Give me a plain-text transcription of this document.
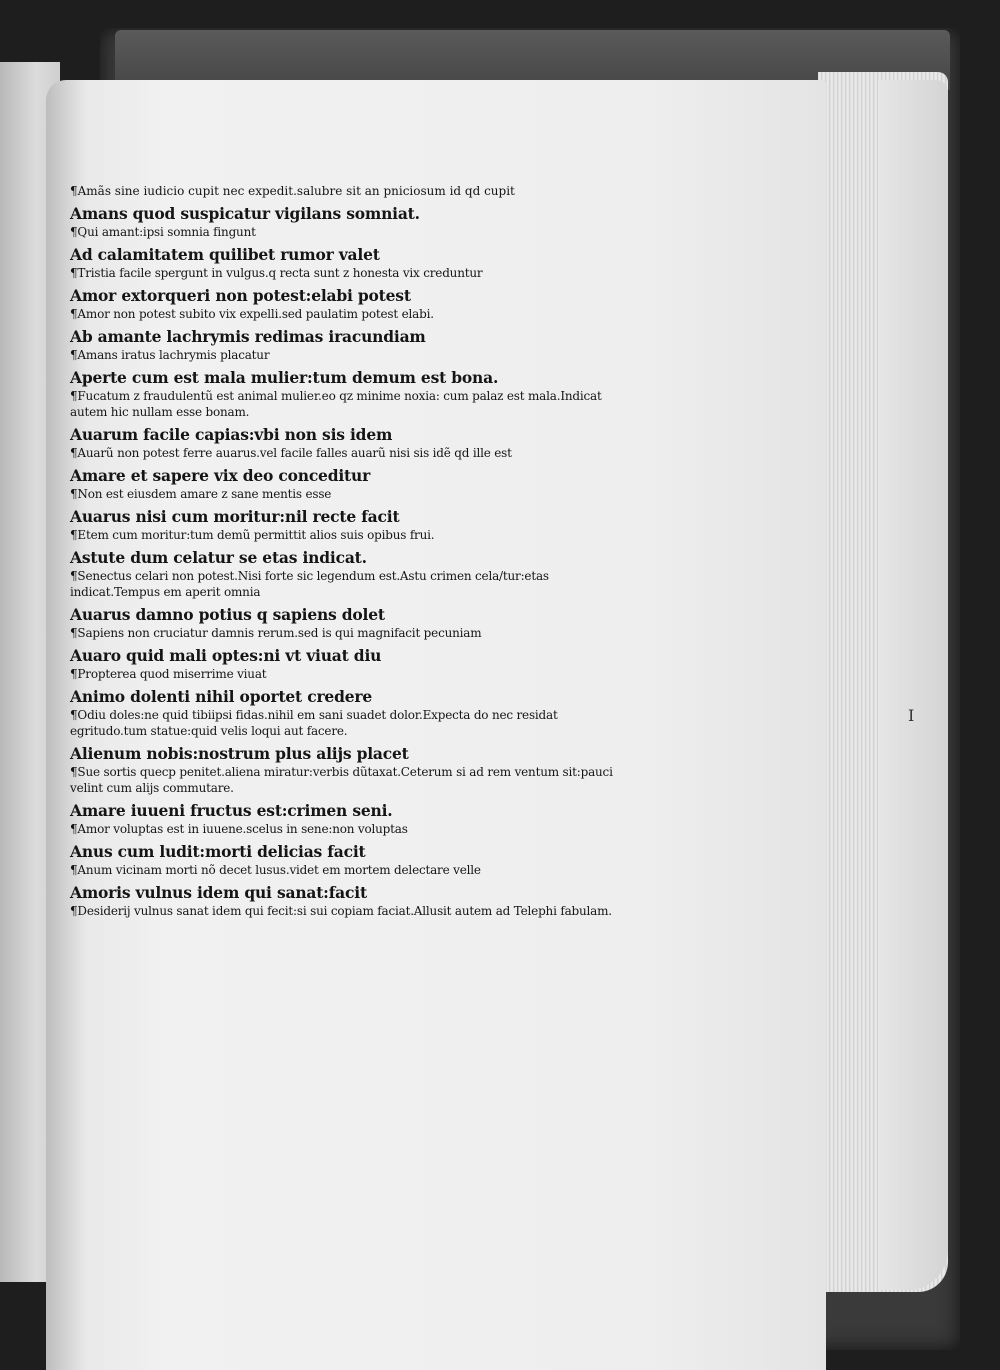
¶Amãs sine iudicio cupit nec expedit.salubre sit an pniciosum id qd cupit
Amans quod suspicatur vigilans somniat.
¶Qui amant:ipsi somnia fingunt
Ad calamitatem quilibet rumor valet
¶Tristia facile spergunt in vulgus.q recta sunt z honesta vix creduntur
Amor extorqueri non potest:elabi potest
¶Amor non potest subito vix expelli.sed paulatim potest elabi.
Ab amante lachrymis redimas iracundiam
¶Amans iratus lachrymis placatur
Aperte cum est mala mulier:tum demum est bona.
¶Fucatum z fraudulentũ est animal mulier.eo qz minime noxia: cum palaz est mala.Indicat autem hic nullam esse bonam.
Auarum facile capias:vbi non sis idem
¶Auarũ non potest ferre auarus.vel facile falles auarũ nisi sis idẽ qd ille est
Amare et sapere vix deo conceditur
¶Non est eiusdem amare z sane mentis esse
Auarus nisi cum moritur:nil recte facit
¶Etem cum moritur:tum demũ permittit alios suis opibus frui.
Astute dum celatur se etas indicat.
¶Senectus celari non potest.Nisi forte sic legendum est.Astu crimen cela/tur:etas indicat.Tempus em aperit omnia
Auarus damno potius q sapiens dolet
¶Sapiens non cruciatur damnis rerum.sed is qui magnifacit pecuniam
Auaro quid mali optes:ni vt viuat diu
¶Propterea quod miserrime viuat
Animo dolenti nihil oportet credere
¶Odiu doles:ne quid tibiipsi fidas.nihil em sani suadet dolor.Expecta do nec residat egritudo.tum statue:quid velis loqui aut facere.
Alienum nobis:nostrum plus alijs placet
¶Sue sortis quecp penitet.aliena miratur:verbis dũtaxat.Ceterum si ad rem ventum sit:pauci velint cum alijs commutare.
Amare iuueni fructus est:crimen seni.
¶Amor voluptas est in iuuene.scelus in sene:non voluptas
Anus cum ludit:morti delicias facit
¶Anum vicinam morti nõ decet lusus.videt em mortem delectare velle
Amoris vulnus idem qui sanat:facit
¶Desiderij vulnus sanat idem qui fecit:si sui copiam faciat.Allusit autem ad Telephi fabulam.
I
